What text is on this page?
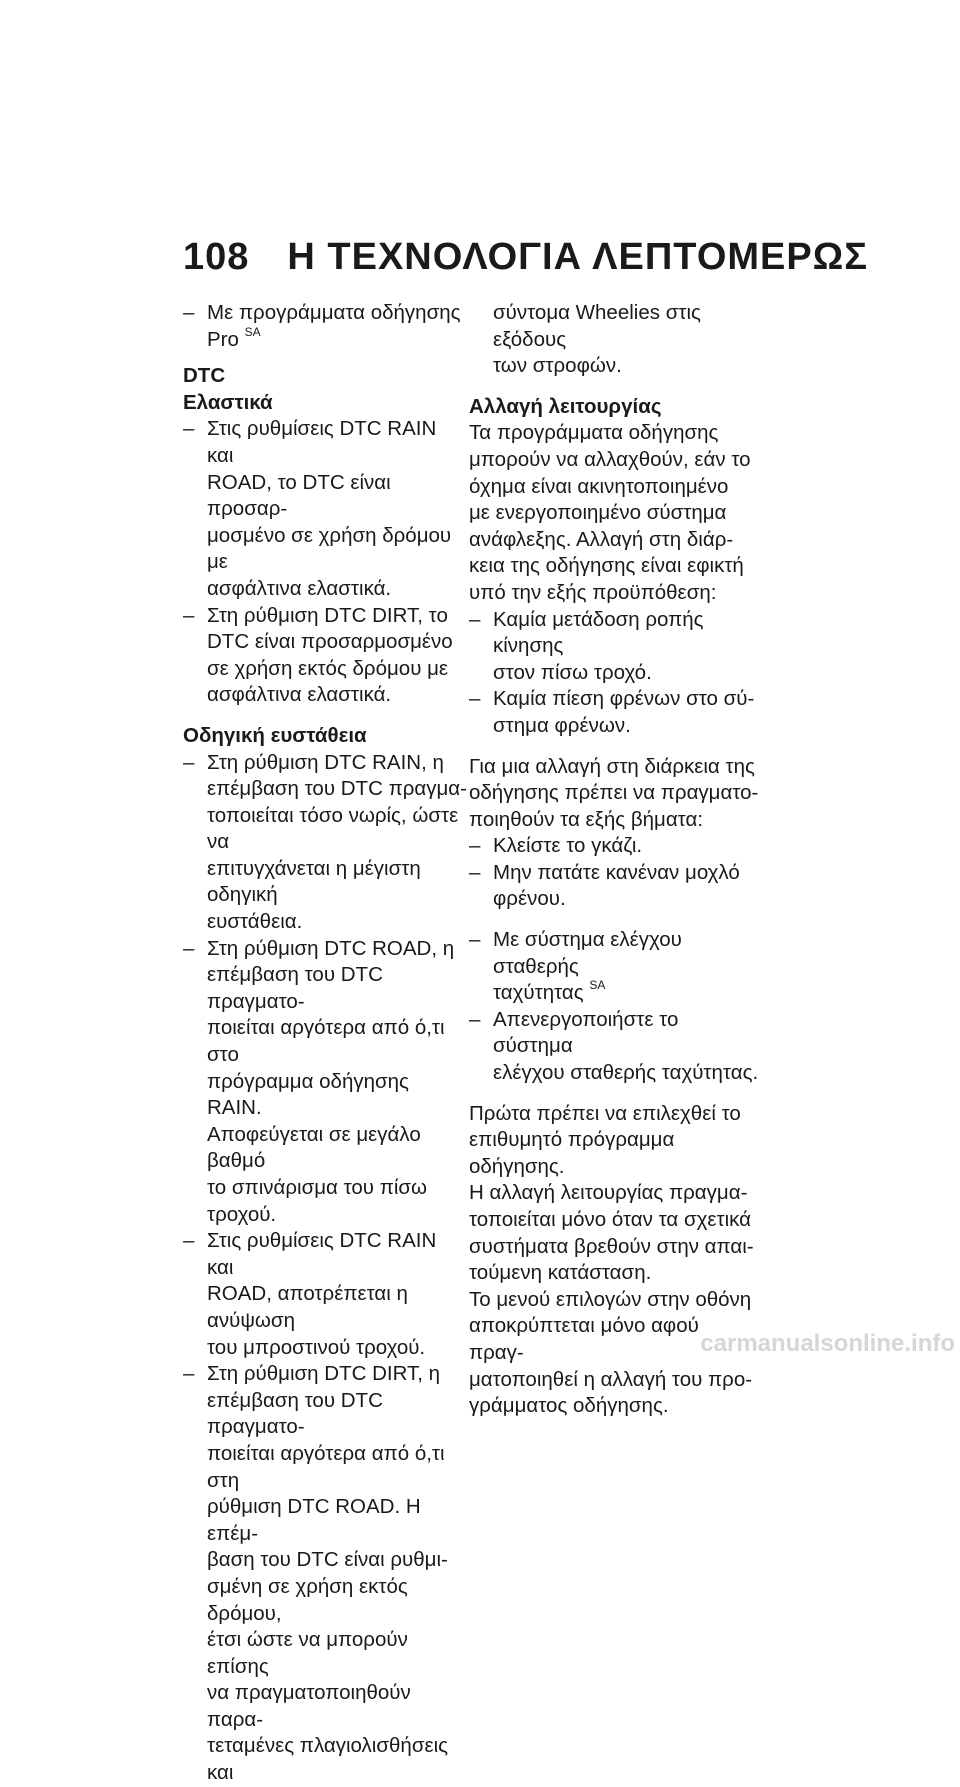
108 Η ΤΕΧΝΟΛΟΓΙΑ ΛΕΠΤΟΜΕΡΩΣ
– Με προγράμματα οδήγησης
Pro $^{SA}$
DTC
Ελαστικά
– Στις ρυθμίσεις DTC RAIN και
ROAD, το DTC είναι προσαρ-
μοσμένο σε χρήση δρόμου με
ασφάλτινα ελαστικά.
– Στη ρύθμιση DTC DIRT, το
DTC είναι προσαρμοσμένο
σε χρήση εκτός δρόμου με
ασφάλτινα ελαστικά.
Οδηγική ευστάθεια
– Στη ρύθμιση DTC RAIN, η
επέμβαση του DTC πραγμα-
τοποιείται τόσο νωρίς, ώστε να
επιτυγχάνεται η μέγιστη οδηγική
ευστάθεια.
– Στη ρύθμιση DTC ROAD, η
επέμβαση του DTC πραγματο-
ποιείται αργότερα από ό,τι στο
πρόγραμμα οδήγησης RAIN.
Αποφεύγεται σε μεγάλο βαθμό
το σπινάρισμα του πίσω τροχού.
– Στις ρυθμίσεις DTC RAIN και
ROAD, αποτρέπεται η ανύψωση
του μπροστινού τροχού.
– Στη ρύθμιση DTC DIRT, η
επέμβαση του DTC πραγματο-
ποιείται αργότερα από ό,τι στη
ρύθμιση DTC ROAD. Η επέμ-
βαση του DTC είναι ρυθμι-
σμένη σε χρήση εκτός δρόμου,
έτσι ώστε να μπορούν επίσης
να πραγματοποιηθούν παρα-
τεταμένες πλαγιολισθήσεις και
σύντομα Wheelies στις εξόδους
των στροφών.
Αλλαγή λειτουργίας
Τα προγράμματα οδήγησης
μπορούν να αλλαχθούν, εάν το
όχημα είναι ακινητοποιημένο
με ενεργοποιημένο σύστημα
ανάφλεξης. Αλλαγή στη διάρ-
κεια της οδήγησης είναι εφικτή
υπό την εξής προϋπόθεση:
– Καμία μετάδοση ροπής κίνησης
στον πίσω τροχό.
– Καμία πίεση φρένων στο σύ-
στημα φρένων.
Για μια αλλαγή στη διάρκεια της
οδήγησης πρέπει να πραγματο-
ποιηθούν τα εξής βήματα:
– Κλείστε το γκάζι.
– Μην πατάτε κανέναν μοχλό
φρένου.
– Με σύστημα ελέγχου σταθερής
ταχύτητας $^{SA}$
– Απενεργοποιήστε το σύστημα
ελέγχου σταθερής ταχύτητας.
Πρώτα πρέπει να επιλεχθεί το
επιθυμητό πρόγραμμα οδήγησης.
Η αλλαγή λειτουργίας πραγμα-
τοποιείται μόνο όταν τα σχετικά
συστήματα βρεθούν στην απαι-
τούμενη κατάσταση.
Το μενού επιλογών στην οθόνη
αποκρύπτεται μόνο αφού πραγ-
ματοποιηθεί η αλλαγή του προ-
γράμματος οδήγησης.
carmanualsonline.info
